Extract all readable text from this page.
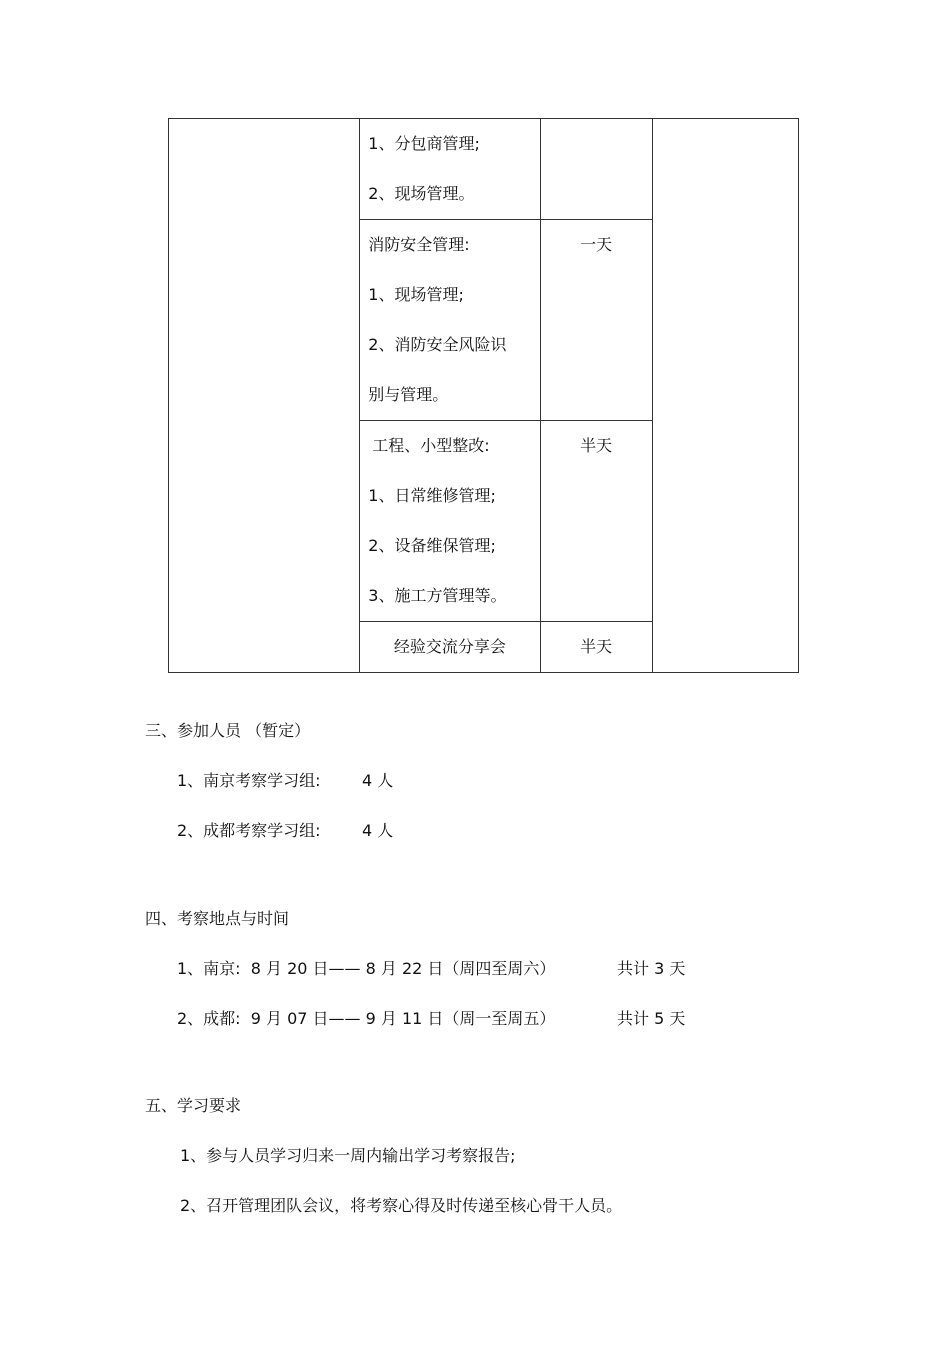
	1、分包商管理;
2、现场管理。		

	消防安全管理:
1、现场管理;
2、消防安全风险识
别与管理。	一天	

	工程、小型整改:
1、日常维修管理;
2、设备维保管理;
3、施工方管理等。	半天	

	经验交流分享会	半天	
三、参加人员 （暂定）
1、南京考察学习组:	4 人
2、成都考察学习组:	4 人
四、考察地点与时间
1、南京:  8 月 20 日—— 8 月 22 日（周四至周六）	共计 3 天
2、成都:  9 月 07 日—— 9 月 11 日（周一至周五）	共计 5 天
五、学习要求
1、参与人员学习归来一周内输出学习考察报告;
2、召开管理团队会议，将考察心得及时传递至核心骨干人员。
